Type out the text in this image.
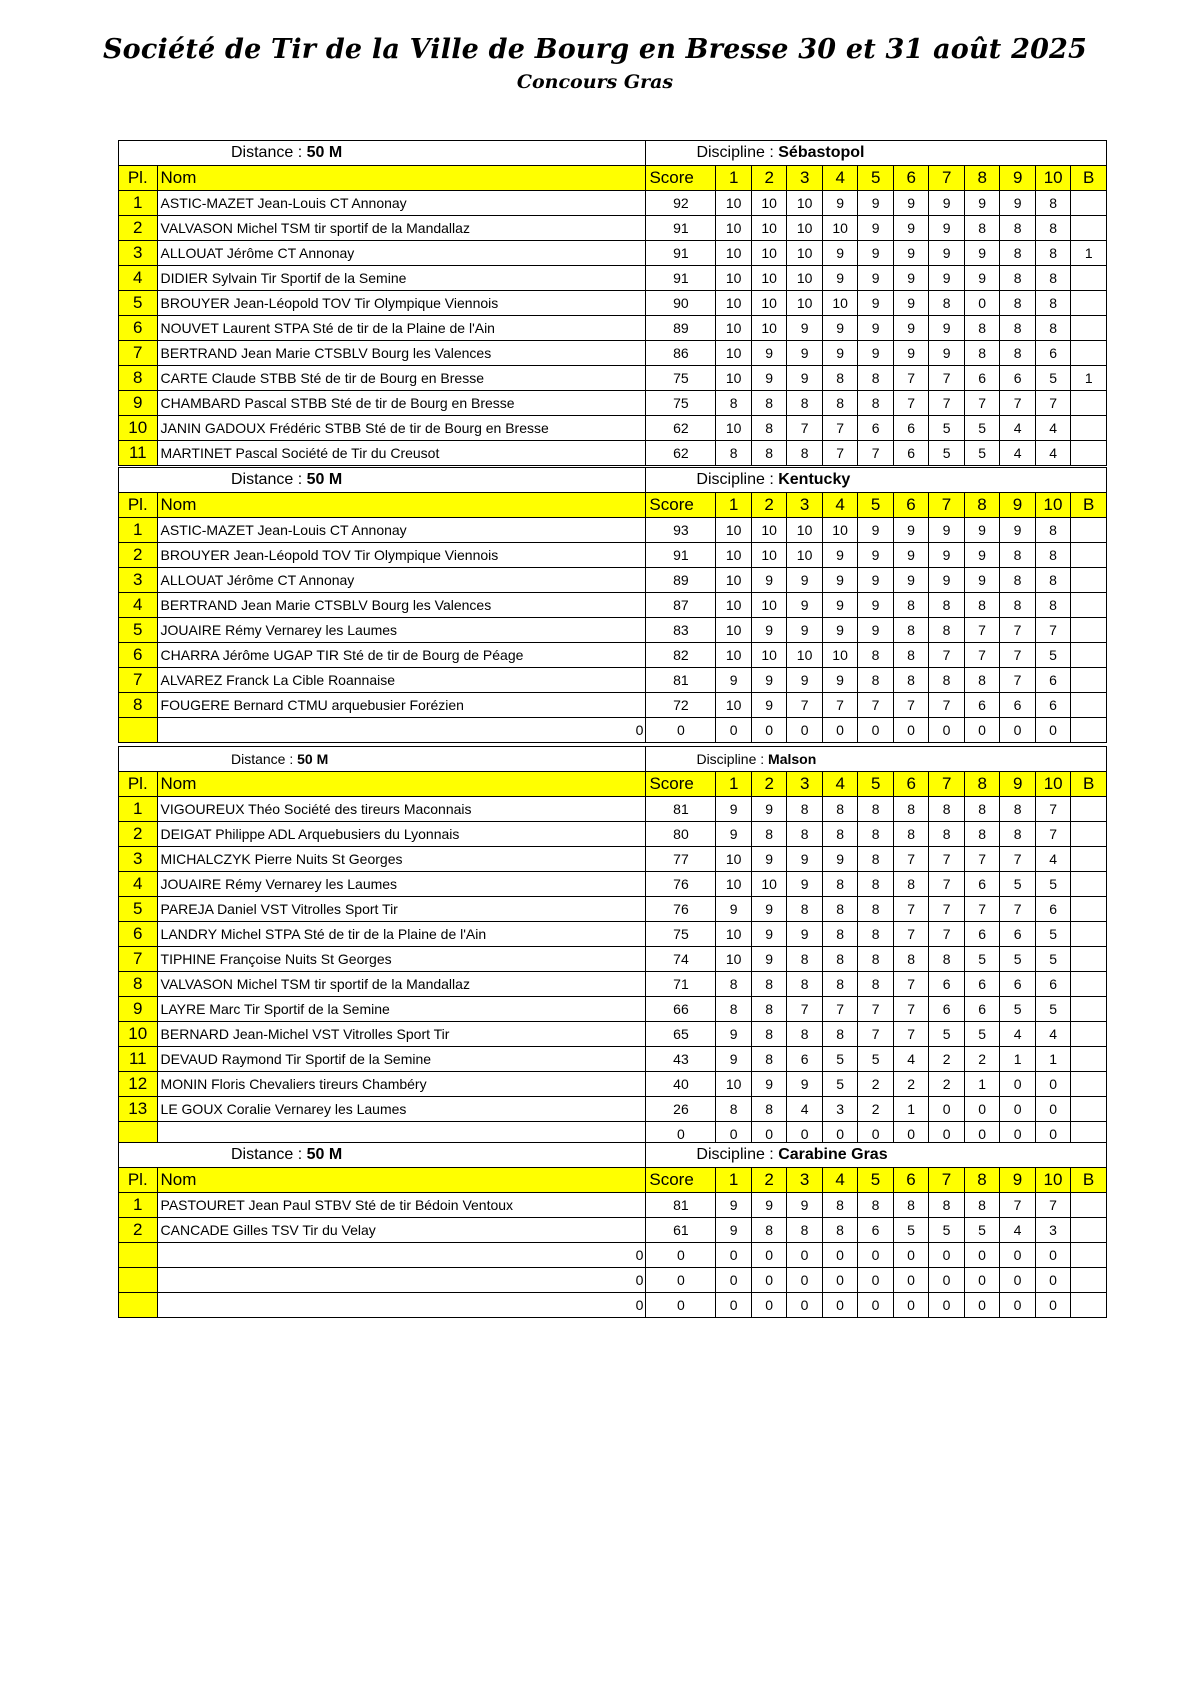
Société de Tir de la Ville de Bourg en Bresse 30 et 31 août 2025
Concours Gras
Distance : 50 M		Discipline : Sébastopol											
Pl.	Nom	Score	1	2	3	4	5	6	7	8	9	10	B
1	ASTIC-MAZET Jean-Louis CT Annonay	92	10	10	10	9	9	9	9	9	9	8	
2	VALVASON Michel TSM tir sportif de la Mandallaz	91	10	10	10	10	9	9	9	8	8	8	
3	ALLOUAT Jérôme CT Annonay	91	10	10	10	9	9	9	9	9	8	8	1
4	DIDIER Sylvain Tir Sportif de la Semine	91	10	10	10	9	9	9	9	9	8	8	
5	BROUYER Jean-Léopold TOV Tir Olympique Viennois	90	10	10	10	10	9	9	8	0	8	8	
6	NOUVET Laurent STPA Sté de tir de la Plaine de l'Ain	89	10	10	9	9	9	9	9	8	8	8	
7	BERTRAND Jean Marie CTSBLV Bourg les Valences	86	10	9	9	9	9	9	9	8	8	6	
8	CARTE Claude STBB Sté de tir de Bourg en Bresse	75	10	9	9	8	8	7	7	6	6	5	1
9	CHAMBARD Pascal STBB Sté de tir de Bourg en Bresse	75	8	8	8	8	8	7	7	7	7	7	
10	JANIN GADOUX Frédéric STBB Sté de tir de Bourg en Bresse	62	10	8	7	7	6	6	5	5	4	4	
11	MARTINET Pascal Société de Tir du Creusot	62	8	8	8	7	7	6	5	5	4	4	
Distance : 50 M		Discipline : Kentucky											
Pl.	Nom	Score	1	2	3	4	5	6	7	8	9	10	B
1	ASTIC-MAZET Jean-Louis CT Annonay	93	10	10	10	10	9	9	9	9	9	8	
2	BROUYER Jean-Léopold TOV Tir Olympique Viennois	91	10	10	10	9	9	9	9	9	8	8	
3	ALLOUAT Jérôme CT Annonay	89	10	9	9	9	9	9	9	9	8	8	
4	BERTRAND Jean Marie CTSBLV Bourg les Valences	87	10	10	9	9	9	8	8	8	8	8	
5	JOUAIRE Rémy Vernarey les Laumes	83	10	9	9	9	9	8	8	7	7	7	
6	CHARRA Jérôme UGAP TIR Sté de tir de Bourg de Péage	82	10	10	10	10	8	8	7	7	7	5	
7	ALVAREZ Franck La Cible Roannaise	81	9	9	9	9	8	8	8	8	7	6	
8	FOUGERE Bernard CTMU arquebusier Forézien	72	10	9	7	7	7	7	7	6	6	6	
	0	0	0	0	0	0	0	0	0	0	0	0	
Distance : 50 M		Discipline : Malson											
Pl.	Nom	Score	1	2	3	4	5	6	7	8	9	10	B
1	VIGOUREUX Théo Société des tireurs Maconnais	81	9	9	8	8	8	8	8	8	8	7	
2	DEIGAT Philippe ADL Arquebusiers du Lyonnais	80	9	8	8	8	8	8	8	8	8	7	
3	MICHALCZYK Pierre Nuits St Georges	77	10	9	9	9	8	7	7	7	7	4	
4	JOUAIRE Rémy Vernarey les Laumes	76	10	10	9	8	8	8	7	6	5	5	
5	PAREJA Daniel VST Vitrolles Sport Tir	76	9	9	8	8	8	7	7	7	7	6	
6	LANDRY Michel STPA Sté de tir de la Plaine de l'Ain	75	10	9	9	8	8	7	7	6	6	5	
7	TIPHINE Françoise Nuits St Georges	74	10	9	8	8	8	8	8	5	5	5	
8	VALVASON Michel TSM tir sportif de la Mandallaz	71	8	8	8	8	8	7	6	6	6	6	
9	LAYRE Marc Tir Sportif de la Semine	66	8	8	7	7	7	7	6	6	5	5	
10	BERNARD Jean-Michel VST Vitrolles Sport Tir	65	9	8	8	8	7	7	5	5	4	4	
11	DEVAUD Raymond Tir Sportif de la Semine	43	9	8	6	5	5	4	2	2	1	1	
12	MONIN Floris Chevaliers tireurs Chambéry	40	10	9	9	5	2	2	2	1	0	0	
13	LE GOUX Coralie Vernarey les Laumes	26	8	8	4	3	2	1	0	0	0	0	
		0	0	0	0	0	0	0	0	0	0	0	
Distance : 50 M		Discipline : Carabine Gras											
Pl.	Nom	Score	1	2	3	4	5	6	7	8	9	10	B
1	PASTOURET Jean Paul STBV Sté de tir Bédoin Ventoux	81	9	9	9	8	8	8	8	8	7	7	
2	CANCADE Gilles TSV Tir du Velay	61	9	8	8	8	6	5	5	5	4	3	
	0	0	0	0	0	0	0	0	0	0	0	0	
	0	0	0	0	0	0	0	0	0	0	0	0	
	0	0	0	0	0	0	0	0	0	0	0	0	
